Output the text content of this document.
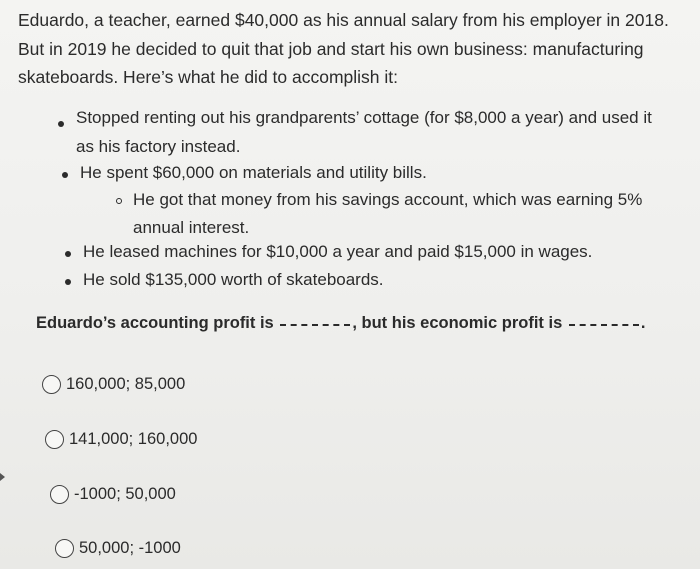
Eduardo, a teacher, earned $40,000 as his annual salary from his employer in 2018. But in 2019 he decided to quit that job and start his own business: manufacturing skateboards. Here’s what he did to accomplish it:

Stopped renting out his grandparents’ cottage (for $8,000 a year) and used it

as his factory instead.

He spent $60,000 on materials and utility bills.

He got that money from his savings account, which was earning 5%

annual interest.

He leased machines for $10,000 a year and paid $15,000 in wages.

He sold $135,000 worth of skateboards.

Eduardo’s accounting profit is	, but his economic profit is	.

160,000; 85,000
141,000; 160,000
-1000; 50,000
50,000; -1000
